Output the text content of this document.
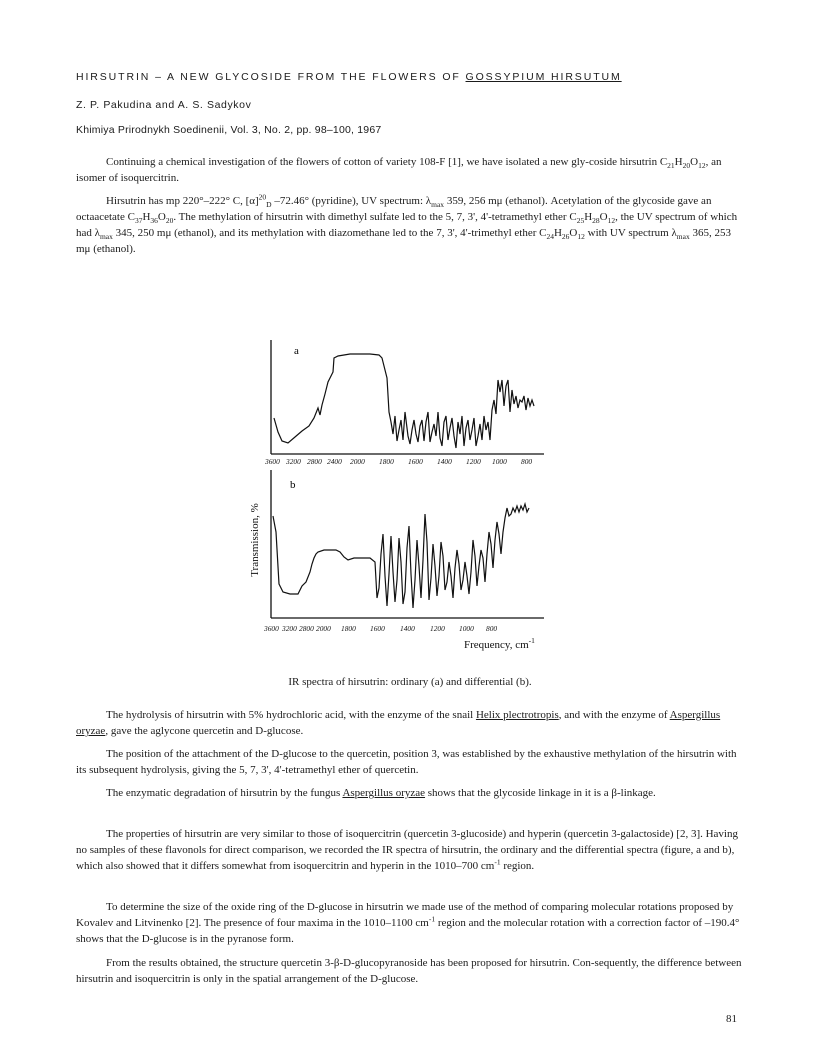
HIRSUTRIN – A NEW GLYCOSIDE FROM THE FLOWERS OF GOSSYPIUM HIRSUTUM
Z. P. Pakudina and A. S. Sadykov
Khimiya Prirodnykh Soedinenii, Vol. 3, No. 2, pp. 98–100, 1967

Continuing a chemical investigation of the flowers of cotton of variety 108-F [1], we have isolated a new gly-coside hirsutrin $C_{21}H_{20}O_{12}$, an isomer of isoquercitrin.

Hirsutrin has mp 220°–222° C, $[\alpha]^{20}_D$ –72.46° (pyridine), UV spectrum: $\lambda_{max}$ 359, 256 mμ (ethanol). Acetylation of the glycoside gave an octaacetate $C_{37}H_{36}O_{20}$. The methylation of hirsutrin with dimethyl sulfate led to the 5, 7, 3', 4'-tetramethyl ether $C_{25}H_{28}O_{12}$, the UV spectrum of which had $\lambda_{max}$ 345, 250 mμ (ethanol), and its methylation with diazomethane led to the 7, 3', 4'-trimethyl ether $C_{24}H_{26}O_{12}$ with UV spectrum $\lambda_{max}$ 365, 253 mμ (ethanol).

a
3600 3200 2800 2400 2000 1800 1600 1400 1200 1000 800
Transmission, %
b
3600 3200 2800 2000 1800 1600 1400 1200 1000 800
Frequency, $cm^{-1}$
IR spectra of hirsutrin: ordinary (a) and differential (b).

The hydrolysis of hirsutrin with 5% hydrochloric acid, with the enzyme of the snail Helix plectrotropis, and with the enzyme of Aspergillus oryzae, gave the aglycone quercetin and D-glucose.

The position of the attachment of the D-glucose to the quercetin, position 3, was established by the exhaustive methylation of the hirsutrin with its subsequent hydrolysis, giving the 5, 7, 3', 4'-tetramethyl ether of quercetin.

The enzymatic degradation of hirsutrin by the fungus Aspergillus oryzae shows that the glycoside linkage in it is a β-linkage.

The properties of hirsutrin are very similar to those of isoquercitrin (quercetin 3-glucoside) and hyperin (quercetin 3-galactoside) [2, 3]. Having no samples of these flavonols for direct comparison, we recorded the IR spectra of hirsutrin, the ordinary and the differential spectra (figure, a and b), which also showed that it differs somewhat from isoquercitrin and hyperin in the 1010–700 $cm^{-1}$ region.

To determine the size of the oxide ring of the D-glucose in hirsutrin we made use of the method of comparing molecular rotations proposed by Kovalev and Litvinenko [2]. The presence of four maxima in the 1010–1100 $cm^{-1}$ region and the molecular rotation with a correction factor of –190.4° shows that the D-glucose is in the pyranose form.

From the results obtained, the structure quercetin 3-β-D-glucopyranoside has been proposed for hirsutrin. Con-sequently, the difference between hirsutrin and isoquercitrin is only in the spatial arrangement of the D-glucose.

81
